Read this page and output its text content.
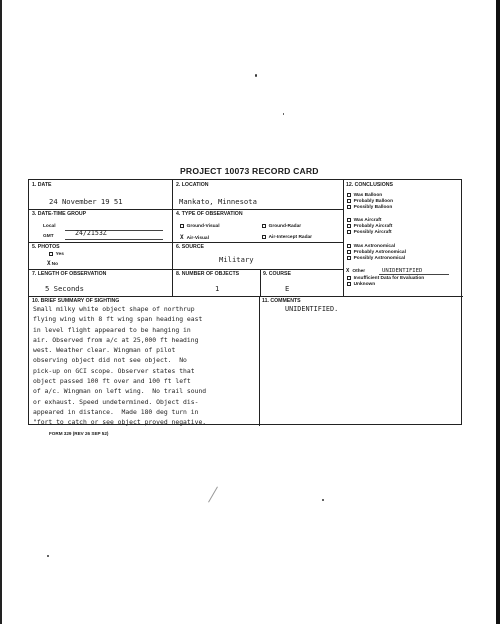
PROJECT 10073 RECORD CARD
1. DATE
24 November 19 51
2. LOCATION
Mankato, Minnesota
3. DATE-TIME GROUP
Local
GMT	24/2153Z
4. TYPE OF OBSERVATION
Ground-Visual	Ground-Radar
X Air-Visual	Air-Intercept Radar
5. PHOTOS
Yes
XNo
6. SOURCE
Military
7. LENGTH OF OBSERVATION
5 Seconds
8. NUMBER OF OBJECTS
1
9. COURSE
E
12. CONCLUSIONS
Was Balloon
Probably Balloon
Possibly Balloon
Was Aircraft
Probably Aircraft
Possibly Aircraft
Was Astronomical
Probably Astronomical
Possibly Astronomical
X Other	UNIDENTIFIED
Insufficient Data for Evaluation
Unknown
10. BRIEF SUMMARY OF SIGHTING
Small milky white object shape of northrup
flying wing with 8 ft wing span heading east
in level flight appeared to be hanging in
air. Observed from a/c at 25,000 ft heading
west. Weather clear. Wingman of pilot
observing object did not see object.  No
pick-up on GCI scope. Observer states that
object passed 100 ft over and 100 ft left
of a/c. Wingman on left wing.  No trail sound
or exhaust. Speed undetermined. Object dis-
appeared in distance.  Made 180 deg turn in
"fort to catch or see object proved negative.
11. COMMENTS
UNIDENTIFIED.
FORM 329 (REV 26 SEP 52)
